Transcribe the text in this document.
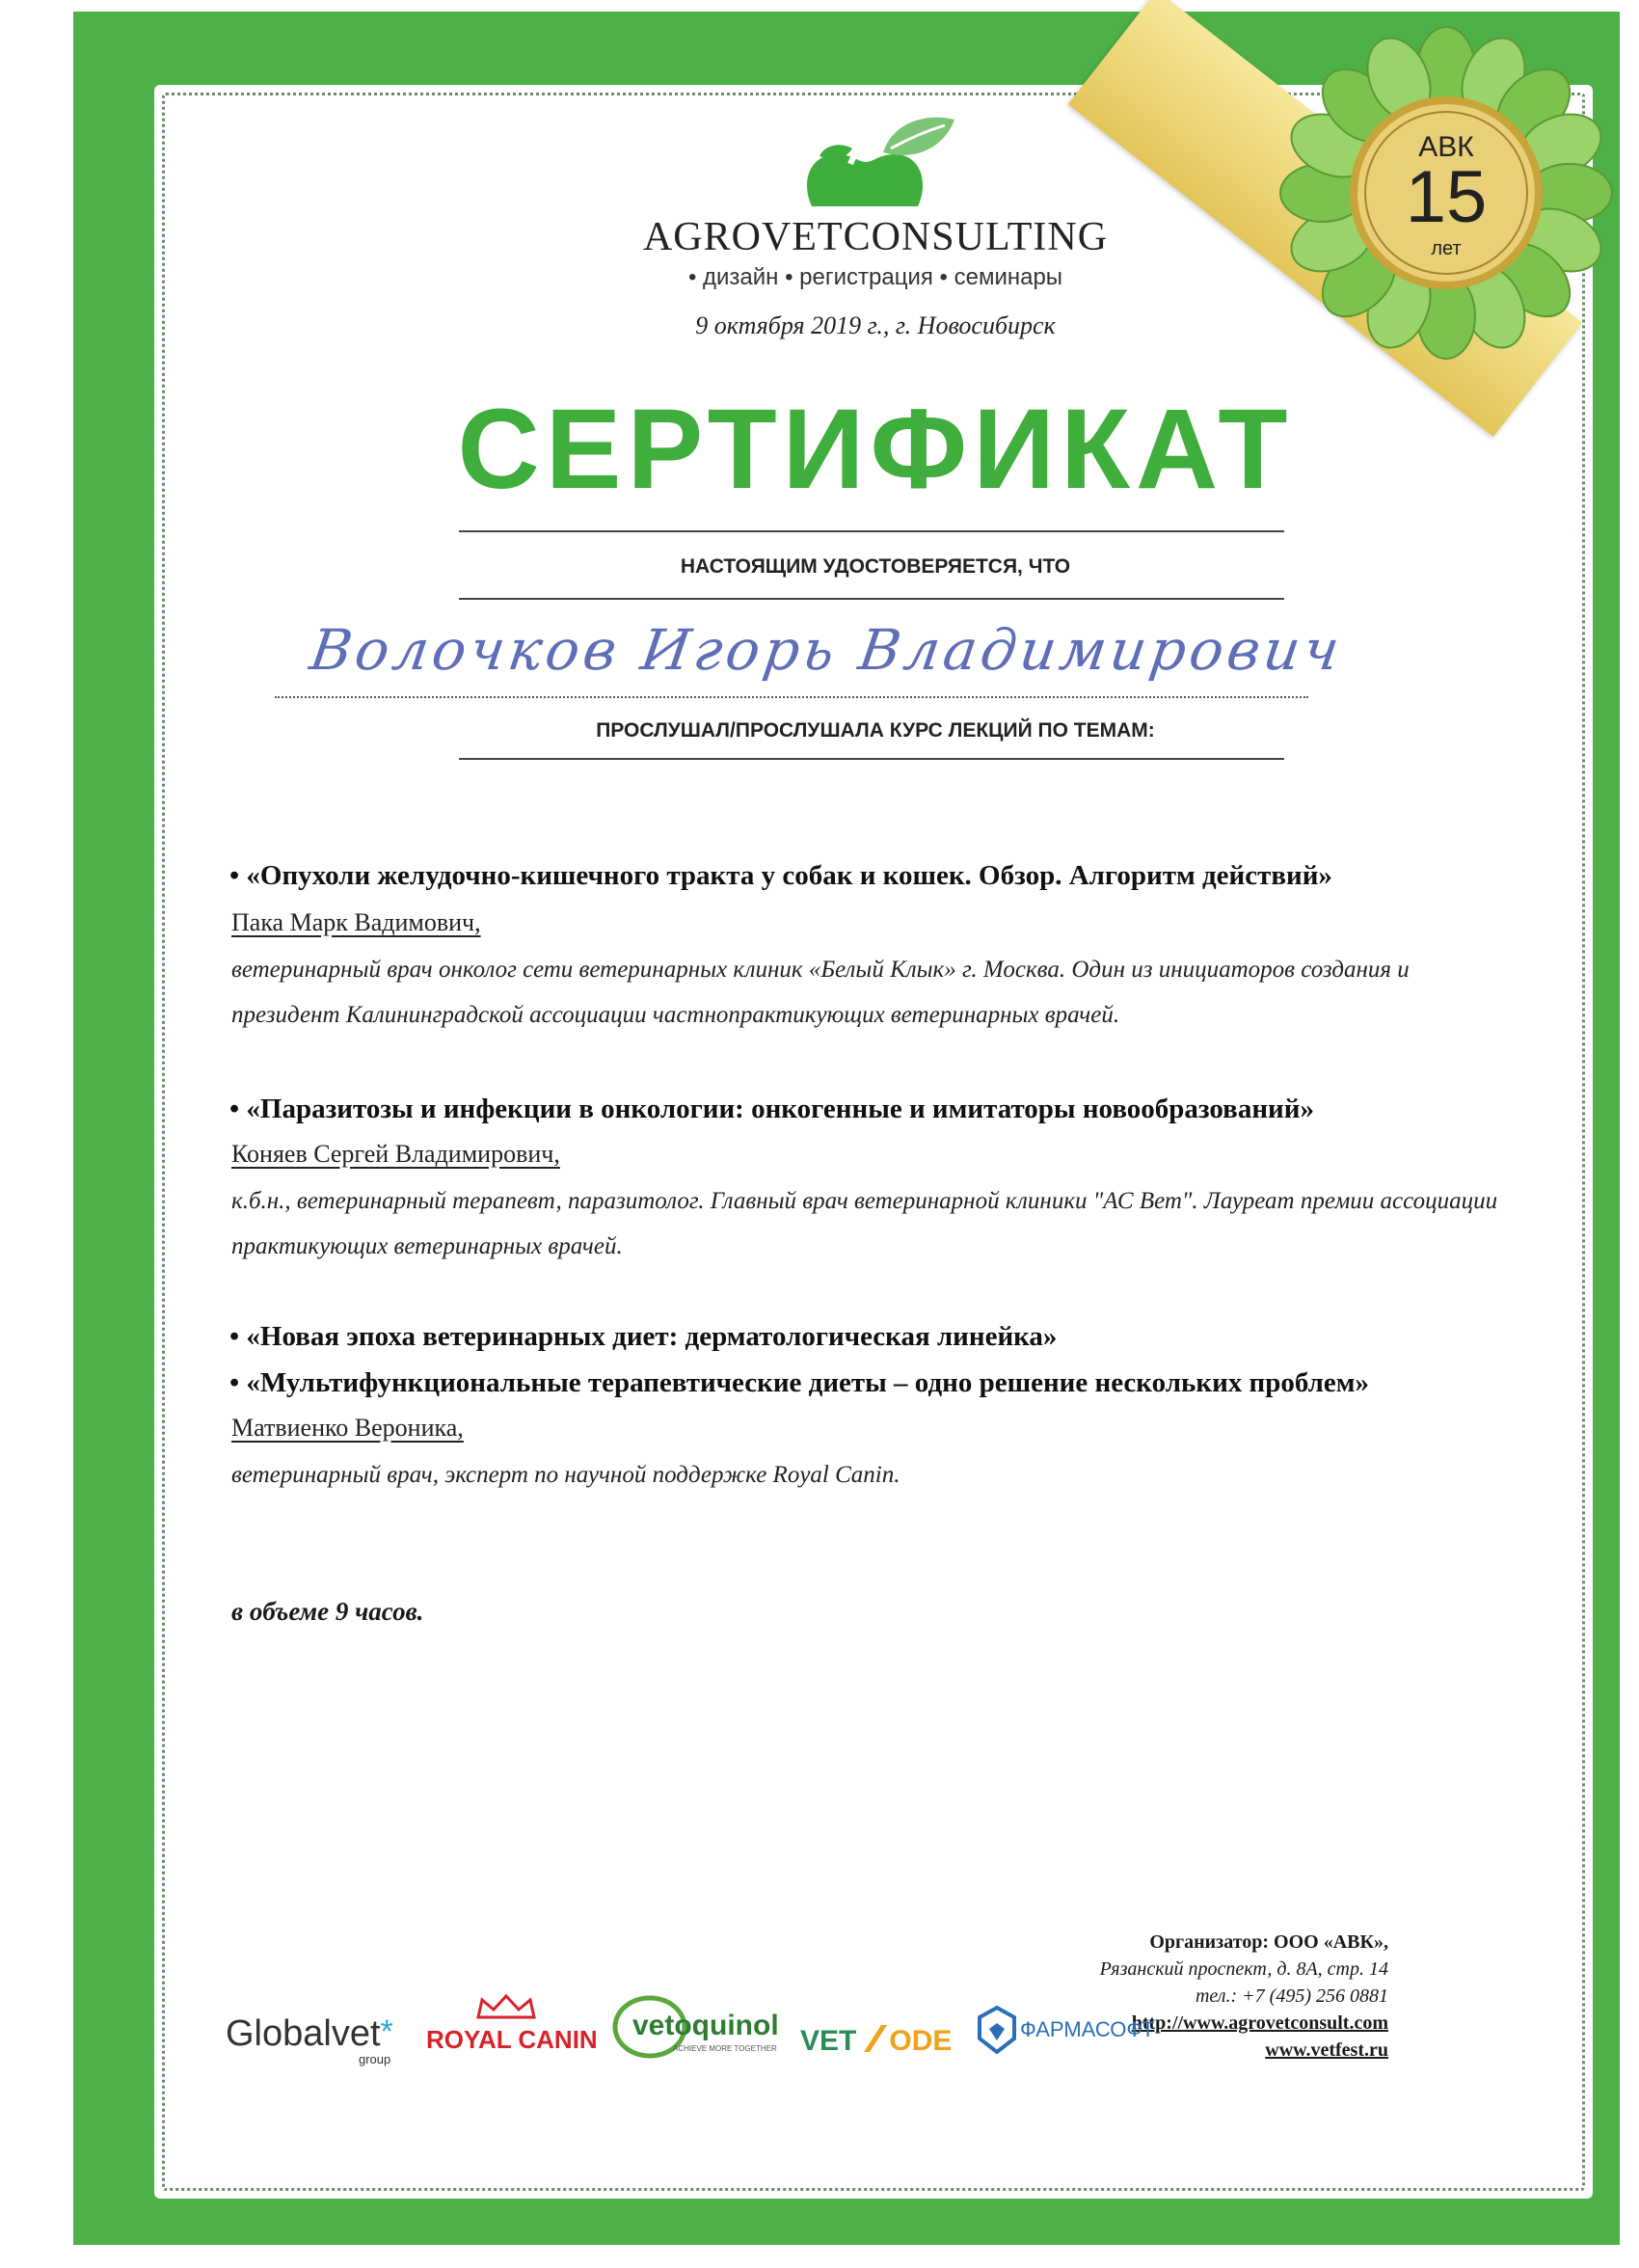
АВК
15
лет
AGROVETCONSULTING
• дизайн • регистрация • семинары
9 октября 2019 г., г. Новосибирск
СЕРТИФИКАТ
НАСТОЯЩИМ УДОСТОВЕРЯЕТСЯ, ЧТО
Волочков Игорь Владимирович
ПРОСЛУШАЛ/ПРОСЛУШАЛА КУРС ЛЕКЦИЙ ПО ТЕМАМ:
• «Опухоли желудочно-кишечного тракта у собак и кошек. Обзор. Алгоритм действий»
Пака Марк Вадимович,
ветеринарный врач онколог сети ветеринарных клиник «Белый Клык» г. Москва. Один из инициаторов создания и президент Калининградской ассоциации частнопрактикующих ветеринарных врачей.
• «Паразитозы и инфекции в онкологии: онкогенные и имитаторы новообразований»
Коняев Сергей Владимирович,
к.б.н., ветеринарный терапевт, паразитолог. Главный врач ветеринарной клиники "АС Вет". Лауреат премии ассоциации практикующих ветеринарных врачей.
• «Новая эпоха ветеринарных диет: дерматологическая линейка»
• «Мультифункциональные терапевтические диеты – одно решение нескольких проблем»
Матвиенко Вероника,
ветеринарный врач, эксперт по научной поддержке Royal Canin.
в объеме 9 часов.
Организатор: ООО «АВК»,
Рязанский проспект, д. 8А, стр. 14
тел.: +7 (495) 256 0881
http://www.agrovetconsult.com
www.vetfest.ru
Globalvet*
group
ROYAL CANIN vetoquinol
ACHIEVE MORE TOGETHER VET ODE	ФАРМАСОФТ
